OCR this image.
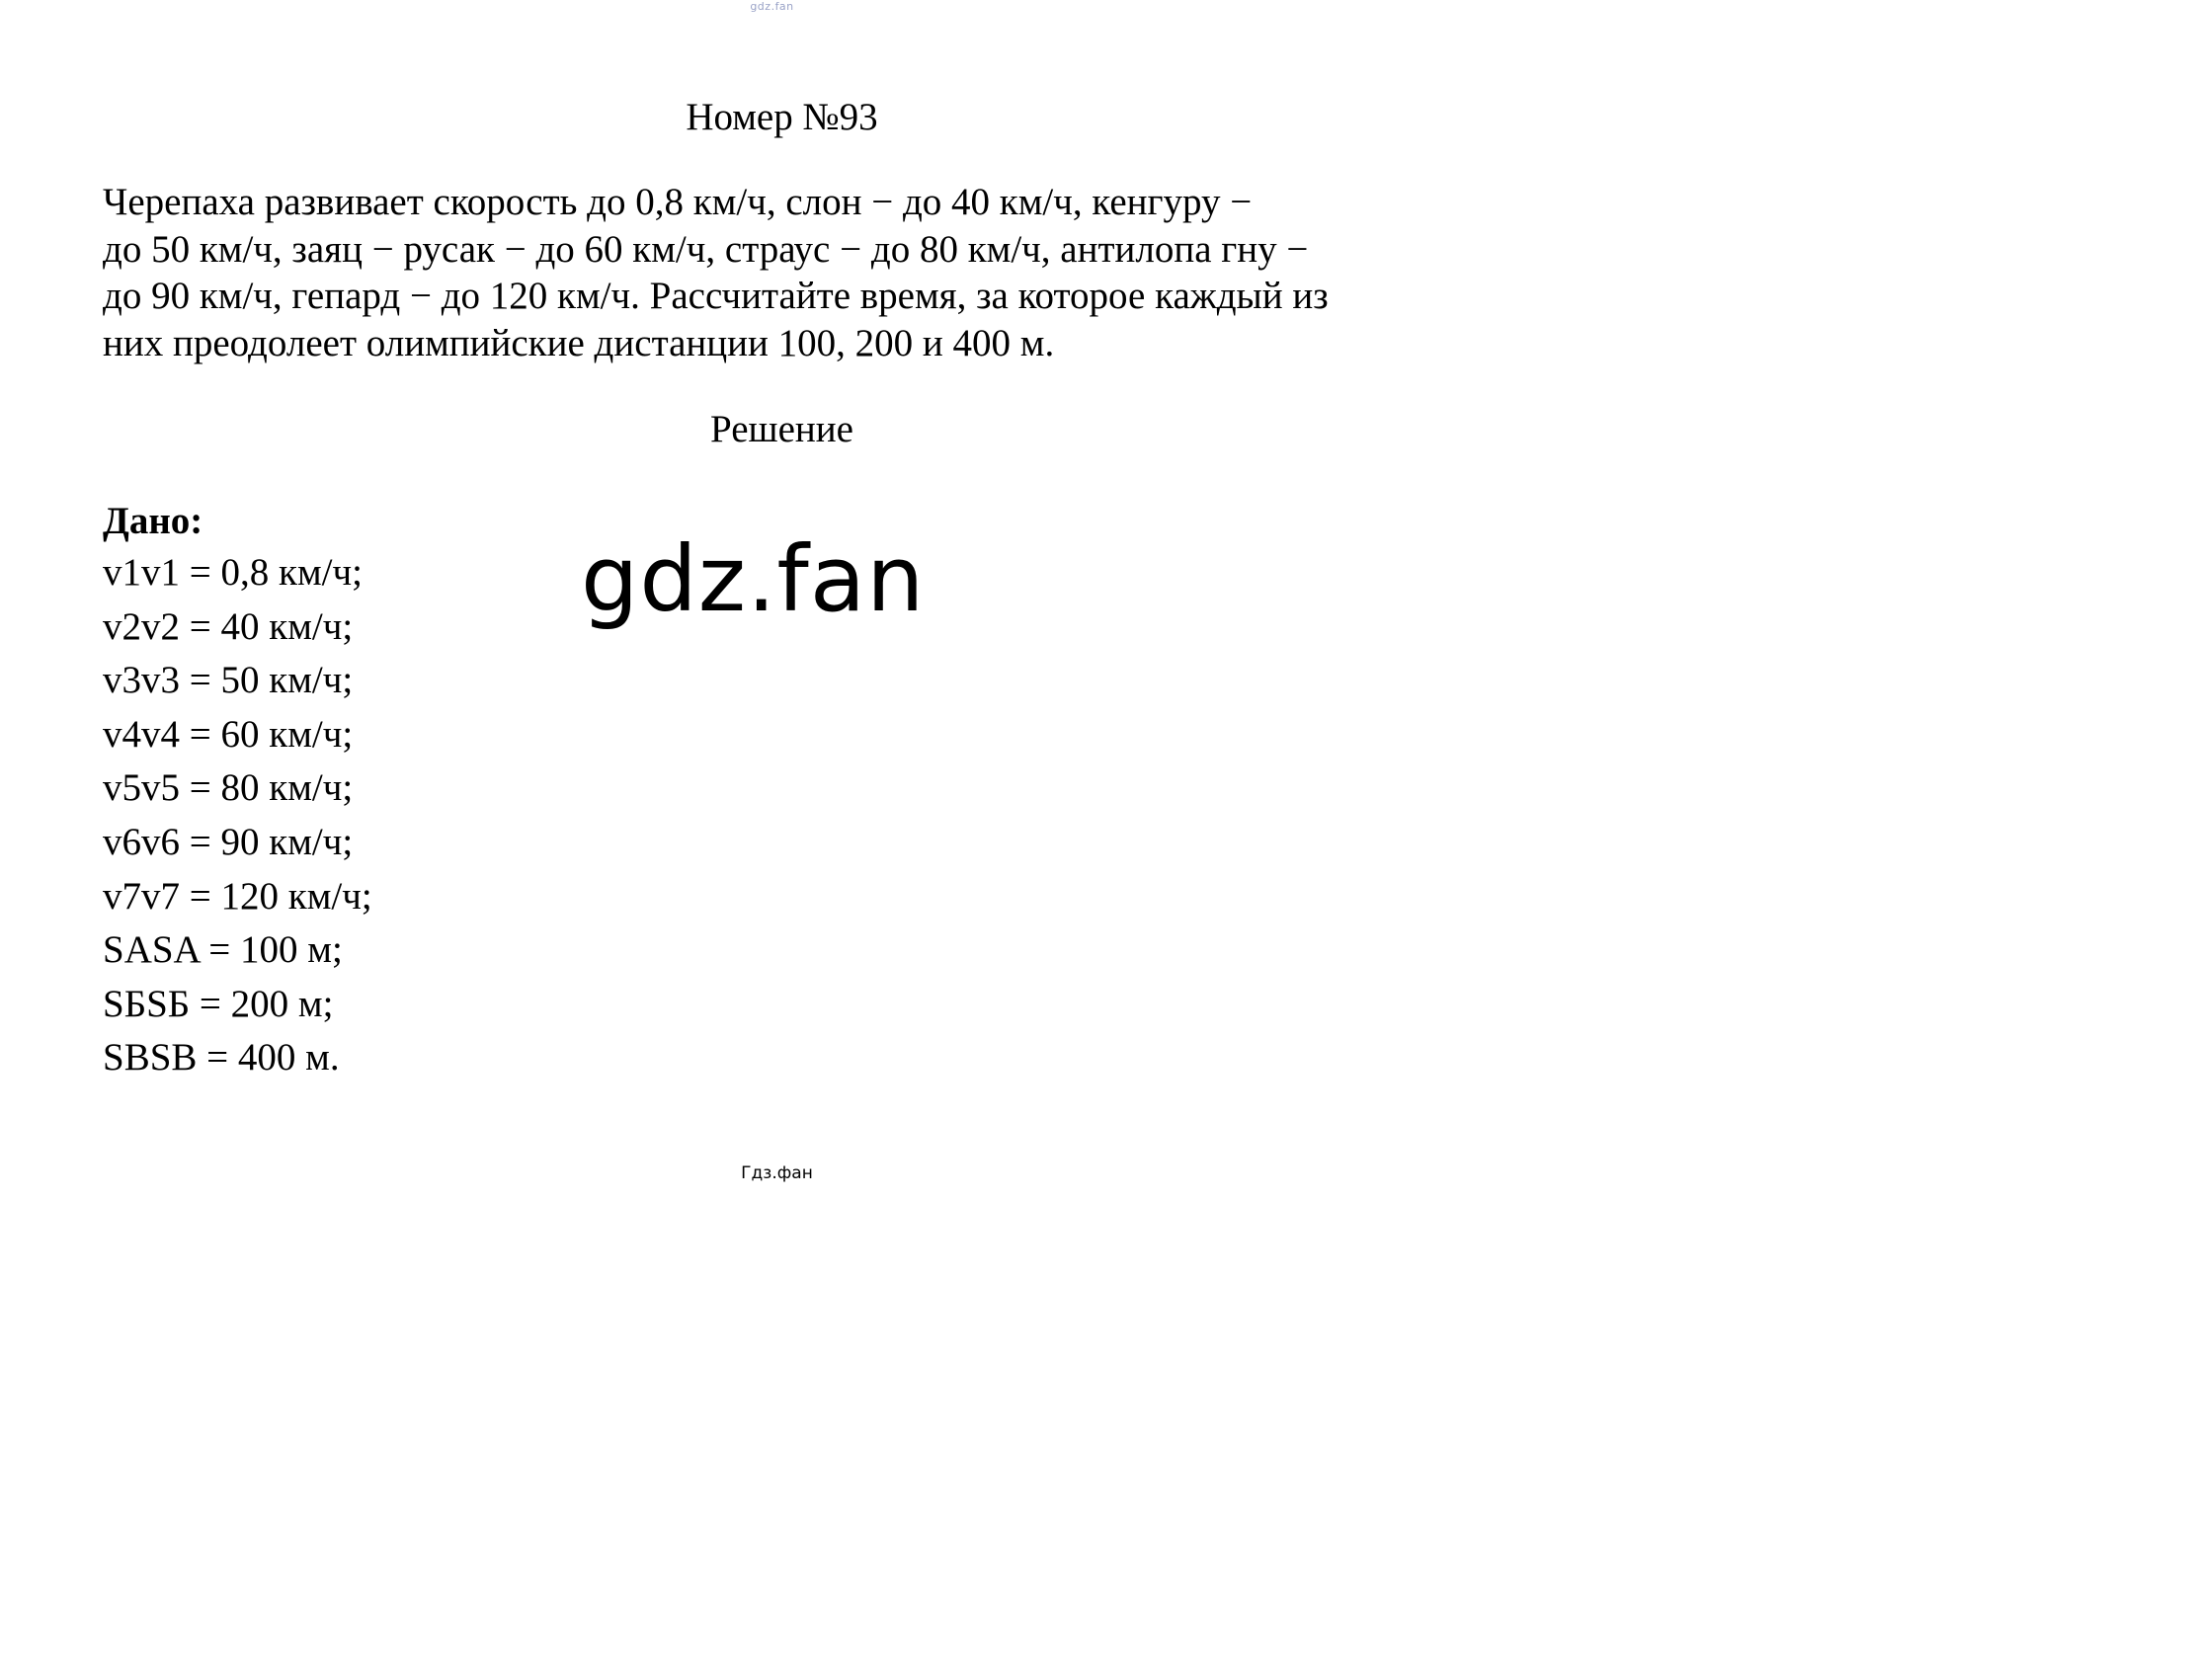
gdz.fan
Номер №93
Черепаха развивает скорость до 0,8 км/ч, слон − до 40 км/ч, кенгуру −
до 50 км/ч, заяц − русак − до 60 км/ч, страус − до 80 км/ч, антилопа гну −
до 90 км/ч, гепард − до 120 км/ч. Рассчитайте время, за которое каждый из
них преодолеет олимпийские дистанции 100, 200 и 400 м.
Решение
Дано:
v1v1 = 0,8 км/ч;
v2v2 = 40 км/ч;
v3v3 = 50 км/ч;
v4v4 = 60 км/ч;
v5v5 = 80 км/ч;
v6v6 = 90 км/ч;
v7v7 = 120 км/ч;
SASA = 100 м;
SБSБ = 200 м;
SBSB = 400 м.
gdz.fan
Гдз.фан
